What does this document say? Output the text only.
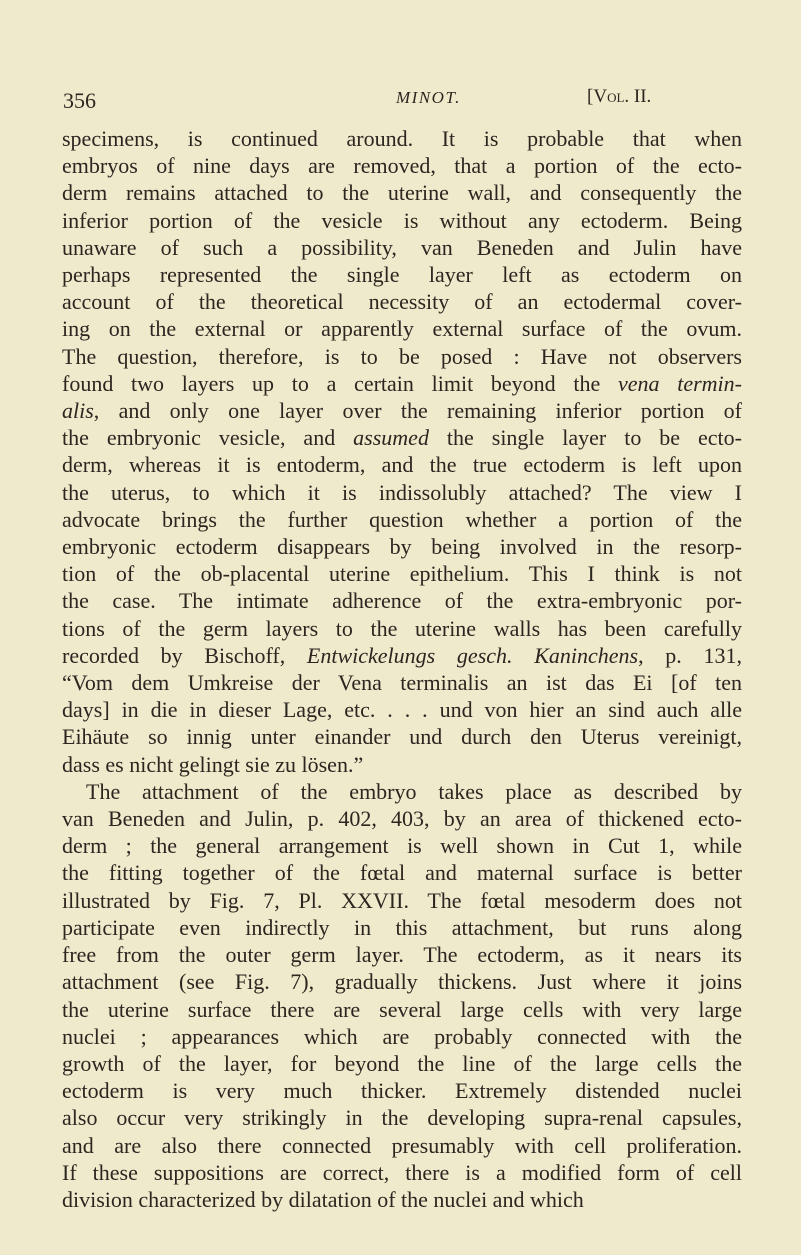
356	MINOT.	[Vol. II.
specimens, is continued around. It is probable that when
embryos of nine days are removed, that a portion of the ecto-
derm remains attached to the uterine wall, and consequently the
inferior portion of the vesicle is without any ectoderm. Being
unaware of such a possibility, van Beneden and Julin have
perhaps represented the single layer left as ectoderm on
account of the theoretical necessity of an ectodermal cover-
ing on the external or apparently external surface of the ovum.
The question, therefore, is to be posed : Have not observers
found two layers up to a certain limit beyond the vena termin-
alis, and only one layer over the remaining inferior portion of
the embryonic vesicle, and assumed the single layer to be ecto-
derm, whereas it is entoderm, and the true ectoderm is left upon
the uterus, to which it is indissolubly attached? The view I
advocate brings the further question whether a portion of the
embryonic ectoderm disappears by being involved in the resorp-
tion of the ob-placental uterine epithelium. This I think is not
the case. The intimate adherence of the extra-embryonic por-
tions of the germ layers to the uterine walls has been carefully
recorded by Bischoff, Entwickelungs gesch. Kaninchens, p. 131,
“Vom dem Umkreise der Vena terminalis an ist das Ei [of ten
days] in die in dieser Lage, etc. . . . und von hier an sind auch alle
Eihäute so innig unter einander und durch den Uterus vereinigt,
dass es nicht gelingt sie zu lösen.”
The attachment of the embryo takes place as described by
van Beneden and Julin, p. 402, 403, by an area of thickened ecto-
derm ; the general arrangement is well shown in Cut 1, while
the fitting together of the fœtal and maternal surface is better
illustrated by Fig. 7, Pl. XXVII. The fœtal mesoderm does not
participate even indirectly in this attachment, but runs along
free from the outer germ layer. The ectoderm, as it nears its
attachment (see Fig. 7), gradually thickens. Just where it joins
the uterine surface there are several large cells with very large
nuclei ; appearances which are probably connected with the
growth of the layer, for beyond the line of the large cells the
ectoderm is very much thicker. Extremely distended nuclei
also occur very strikingly in the developing supra-renal capsules,
and are also there connected presumably with cell proliferation.
If these suppositions are correct, there is a modified form of cell
division characterized by dilatation of the nuclei and which
